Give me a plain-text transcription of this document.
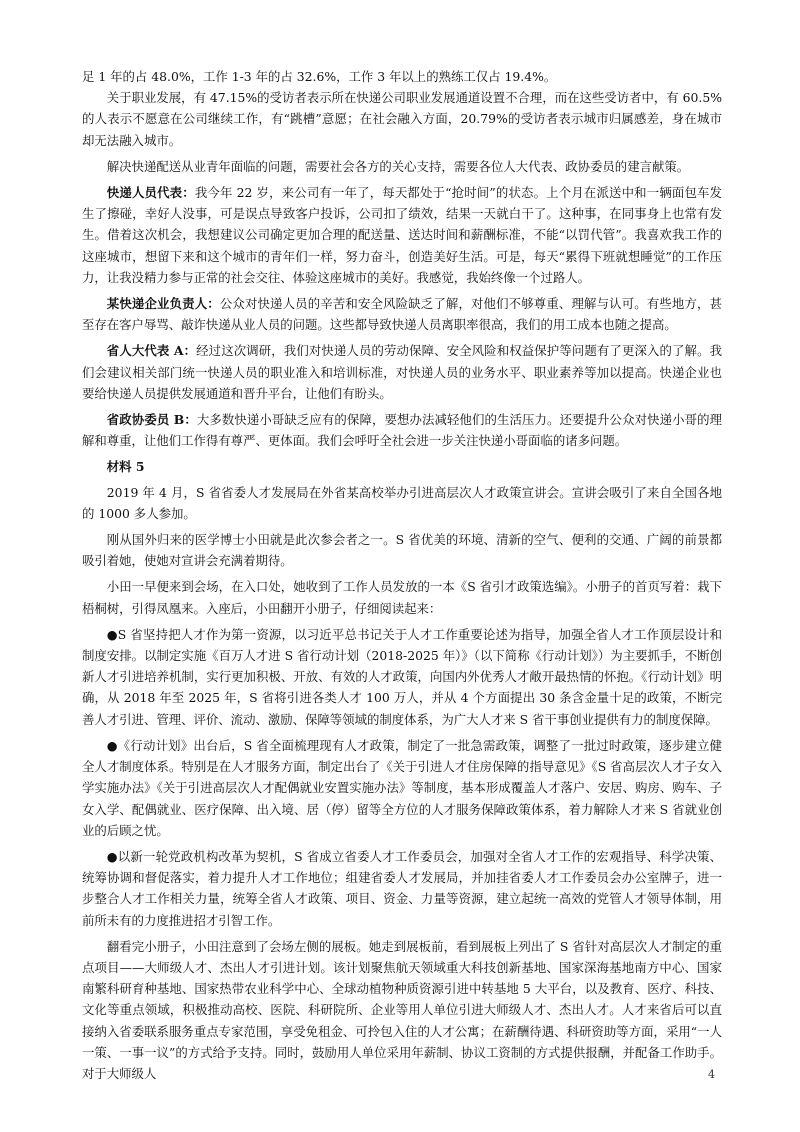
足 1 年的占 48.0%，工作 1-3 年的占 32.6%，工作 3 年以上的熟练工仅占 19.4%。

关于职业发展，有 47.15%的受访者表示所在快递公司职业发展通道设置不合理，而在这些受访者中，有 60.5%的人表示不愿意在公司继续工作，有“跳槽”意愿；在社会融入方面，20.79%的受访者表示城市归属感差，身在城市却无法融入城市。

解决快递配送从业青年面临的问题，需要社会各方的关心支持，需要各位人大代表、政协委员的建言献策。

快递人员代表：我今年 22 岁，来公司有一年了，每天都处于“抢时间”的状态。上个月在派送中和一辆面包车发生了擦碰，幸好人没事，可是误点导致客户投诉，公司扣了绩效，结果一天就白干了。这种事，在同事身上也常有发生。借着这次机会，我想建议公司确定更加合理的配送量、送达时间和薪酬标准，不能“以罚代管”。我喜欢我工作的这座城市，想留下来和这个城市的青年们一样，努力奋斗，创造美好生活。可是，每天“累得下班就想睡觉”的工作压力，让我没精力参与正常的社会交往、体验这座城市的美好。我感觉，我始终像一个过路人。

某快递企业负责人：公众对快递人员的辛苦和安全风险缺乏了解，对他们不够尊重、理解与认可。有些地方，甚至存在客户辱骂、敲诈快递从业人员的问题。这些都导致快递人员离职率很高，我们的用工成本也随之提高。

省人大代表 A：经过这次调研，我们对快递人员的劳动保障、安全风险和权益保护等问题有了更深入的了解。我们会建议相关部门统一快递人员的职业准入和培训标准，对快递人员的业务水平、职业素养等加以提高。快递企业也要给快递人员提供发展通道和晋升平台，让他们有盼头。

省政协委员 B：大多数快递小哥缺乏应有的保障，要想办法减轻他们的生活压力。还要提升公众对快递小哥的理解和尊重，让他们工作得有尊严、更体面。我们会呼吁全社会进一步关注快递小哥面临的诸多问题。

材料 5

2019 年 4 月，S 省省委人才发展局在外省某高校举办引进高层次人才政策宣讲会。宣讲会吸引了来自全国各地的 1000 多人参加。

刚从国外归来的医学博士小田就是此次参会者之一。S 省优美的环境、清新的空气、便利的交通、广阔的前景都吸引着她，使她对宣讲会充满着期待。

小田一早便来到会场，在入口处，她收到了工作人员发放的一本《S 省引才政策选编》。小册子的首页写着：栽下梧桐树，引得凤凰来。入座后，小田翻开小册子，仔细阅读起来：

●S 省坚持把人才作为第一资源，以习近平总书记关于人才工作重要论述为指导，加强全省人才工作顶层设计和制度安排。以制定实施《百万人才进 S 省行动计划（2018-2025 年）》（以下简称《行动计划》）为主要抓手，不断创新人才引进培养机制，实行更加积极、开放、有效的人才政策，向国内外优秀人才敞开最热情的怀抱。《行动计划》明确，从 2018 年至 2025 年，S 省将引进各类人才 100 万人，并从 4 个方面提出 30 条含金量十足的政策，不断完善人才引进、管理、评价、流动、激励、保障等领域的制度体系，为广大人才来 S 省干事创业提供有力的制度保障。

●《行动计划》出台后，S 省全面梳理现有人才政策，制定了一批急需政策，调整了一批过时政策，逐步建立健全人才制度体系。特别是在人才服务方面，制定出台了《关于引进人才住房保障的指导意见》《S 省高层次人才子女入学实施办法》《关于引进高层次人才配偶就业安置实施办法》等制度，基本形成覆盖人才落户、安居、购房、购车、子女入学、配偶就业、医疗保障、出入境、居（停）留等全方位的人才服务保障政策体系，着力解除人才来 S 省就业创业的后顾之忧。

●以新一轮党政机构改革为契机，S 省成立省委人才工作委员会，加强对全省人才工作的宏观指导、科学决策、统筹协调和督促落实，着力提升人才工作地位；组建省委人才发展局，并加挂省委人才工作委员会办公室牌子，进一步整合人才工作相关力量，统筹全省人才政策、项目、资金、力量等资源，建立起统一高效的党管人才领导体制，用前所未有的力度推进招才引智工作。

翻看完小册子，小田注意到了会场左侧的展板。她走到展板前，看到展板上列出了 S 省针对高层次人才制定的重点项目——大师级人才、杰出人才引进计划。该计划聚焦航天领域重大科技创新基地、国家深海基地南方中心、国家南繁科研育种基地、国家热带农业科学中心、全球动植物种质资源引进中转基地 5 大平台，以及教育、医疗、科技、文化等重点领域，积极推动高校、医院、科研院所、企业等用人单位引进大师级人才、杰出人才。人才来省后可以直接纳入省委联系服务重点专家范围，享受免租金、可拎包入住的人才公寓；在薪酬待遇、科研资助等方面，采用“一人一策、一事一议”的方式给予支持。同时，鼓励用人单位采用年薪制、协议工资制的方式提供报酬，并配备工作助手。对于大师级人	4
